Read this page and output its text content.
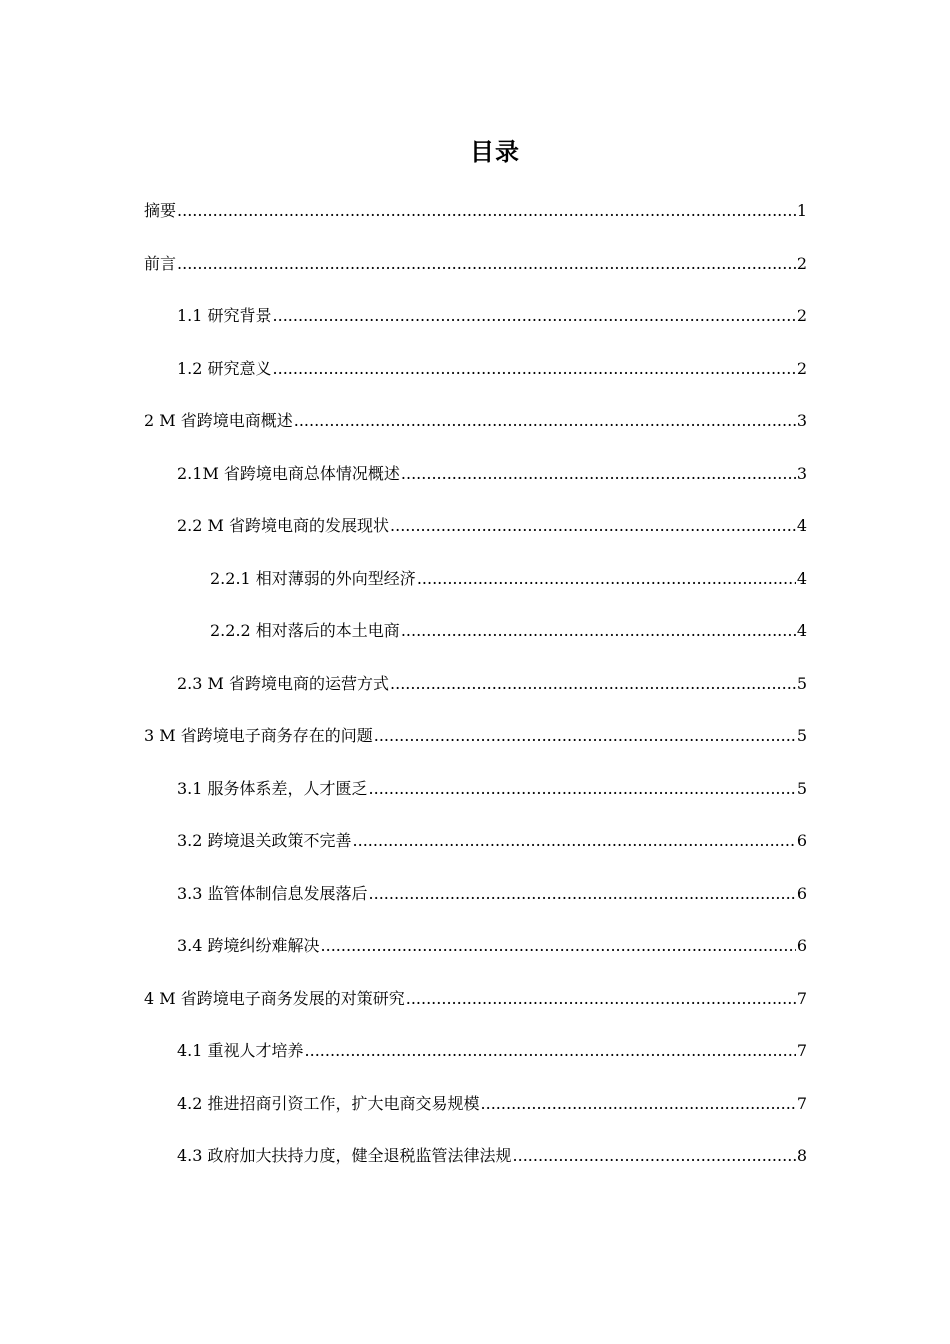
目录
摘要 .....	1
前言 .....	2
1.1 研究背景 .....	2
1.2 研究意义 .....	2
2 M 省跨境电商概述 .....	3
2.1M 省跨境电商总体情况概述 .....	3
2.2 M 省跨境电商的发展现状 .....	4
2.2.1 相对薄弱的外向型经济 .....	4
2.2.2 相对落后的本土电商 .....	4
2.3 M 省跨境电商的运营方式 .....	5
3 M 省跨境电子商务存在的问题 .....	5
3.1 服务体系差，人才匮乏 .....	5
3.2 跨境退关政策不完善 .....	6
3.3 监管体制信息发展落后 .....	6
3.4 跨境纠纷难解决 .....	6
4 M 省跨境电子商务发展的对策研究 .....	7
4.1 重视人才培养 .....	7
4.2 推进招商引资工作，扩大电商交易规模 .....	7
4.3 政府加大扶持力度，健全退税监管法律法规 .....	8
